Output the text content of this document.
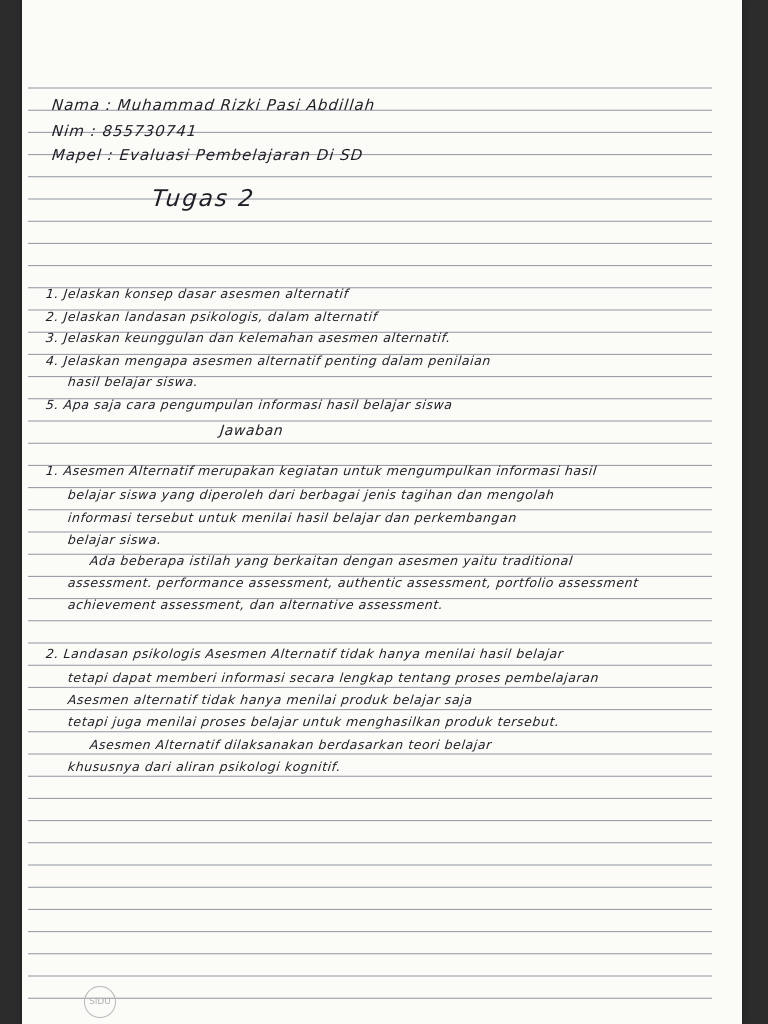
Nama : Muhammad Rizki Pasi Abdillah
Nim : 855730741
Mapel : Evaluasi Pembelajaran Di SD
Tugas 2
1. Jelaskan konsep dasar asesmen alternatif
2. Jelaskan landasan psikologis, dalam alternatif
3. Jelaskan keunggulan dan kelemahan asesmen alternatif.
4. Jelaskan mengapa asesmen alternatif penting dalam penilaian
hasil belajar siswa.
5. Apa saja cara pengumpulan informasi hasil belajar siswa
Jawaban
1. Asesmen Alternatif merupakan kegiatan untuk mengumpulkan informasi hasil
belajar siswa yang diperoleh dari berbagai jenis tagihan dan mengolah
informasi tersebut untuk menilai hasil belajar dan perkembangan
belajar siswa.
Ada beberapa istilah yang berkaitan dengan asesmen yaitu traditional
assessment. performance assessment, authentic assessment, portfolio assessment
achievement assessment, dan alternative assessment.
2. Landasan psikologis Asesmen Alternatif tidak hanya menilai hasil belajar
tetapi dapat memberi informasi secara lengkap tentang proses pembelajaran
Asesmen alternatif tidak hanya menilai produk belajar saja
tetapi juga menilai proses belajar untuk menghasilkan produk tersebut.
Asesmen Alternatif dilaksanakan berdasarkan teori belajar
khususnya dari aliran psikologi kognitif.
SiDU
